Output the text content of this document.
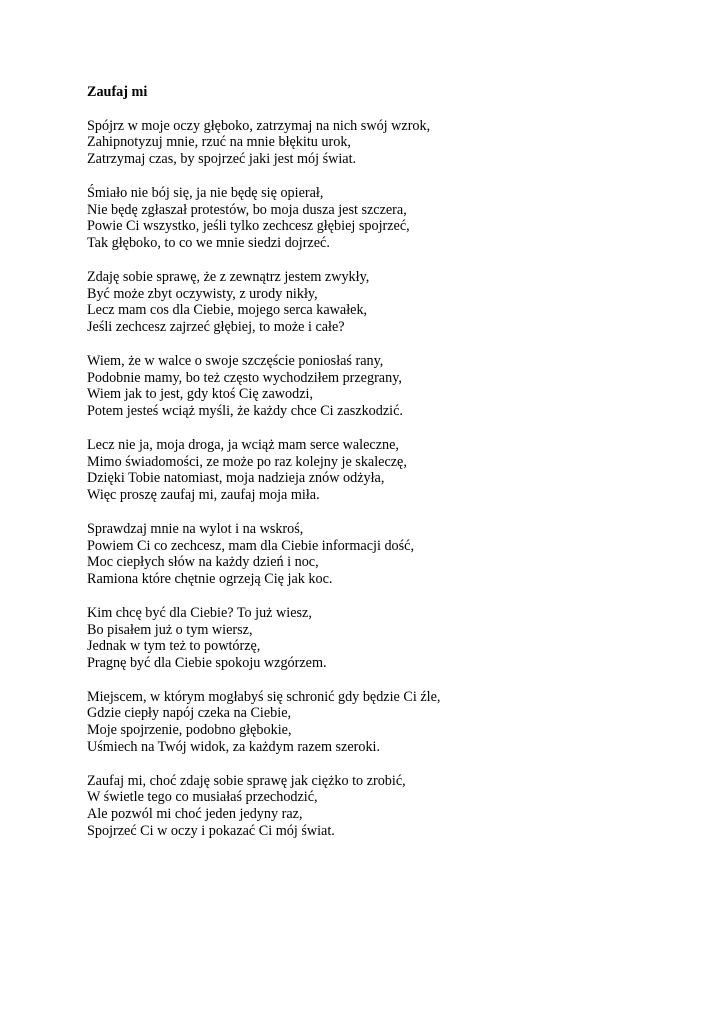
Zaufaj mi
Spójrz w moje oczy głęboko, zatrzymaj na nich swój wzrok,
Zahipnotyzuj mnie, rzuć na mnie błękitu urok,
Zatrzymaj czas, by spojrzeć jaki jest mój świat.
Śmiało nie bój się, ja nie będę się opierał,
Nie będę zgłaszał protestów, bo moja dusza jest szczera,
Powie Ci wszystko, jeśli tylko zechcesz głębiej spojrzeć,
Tak głęboko, to co we mnie siedzi dojrzeć.
Zdaję sobie sprawę, że z zewnątrz jestem zwykły,
Być może zbyt oczywisty, z urody nikły,
Lecz mam cos dla Ciebie, mojego serca kawałek,
Jeśli zechcesz zajrzeć głębiej, to może i całe?
Wiem, że w walce o swoje szczęście poniosłaś rany,
Podobnie mamy, bo też często wychodziłem przegrany,
Wiem jak to jest, gdy ktoś Cię zawodzi,
Potem jesteś wciąż myśli, że każdy chce Ci zaszkodzić.
Lecz nie ja, moja droga, ja wciąż mam serce waleczne,
Mimo świadomości, ze może po raz kolejny je skaleczę,
Dzięki Tobie natomiast, moja nadzieja znów odżyła,
Więc proszę zaufaj mi, zaufaj moja miła.
Sprawdzaj mnie na wylot i na wskroś,
Powiem Ci co zechcesz, mam dla Ciebie informacji dość,
Moc ciepłych słów na każdy dzień i noc,
Ramiona które chętnie ogrzeją Cię jak koc.
Kim chcę być dla Ciebie? To już wiesz,
Bo pisałem już o tym wiersz,
Jednak w tym też to powtórzę,
Pragnę być dla Ciebie spokoju wzgórzem.
Miejscem, w którym mogłabyś się schronić gdy będzie Ci źle,
Gdzie ciepły napój czeka na Ciebie,
Moje spojrzenie, podobno głębokie,
Uśmiech na Twój widok, za każdym razem szeroki.
Zaufaj mi, choć zdaję sobie sprawę jak ciężko to zrobić,
W świetle tego co musiałaś przechodzić,
Ale pozwól mi choć jeden jedyny raz,
Spojrzeć Ci w oczy i pokazać Ci mój świat.
